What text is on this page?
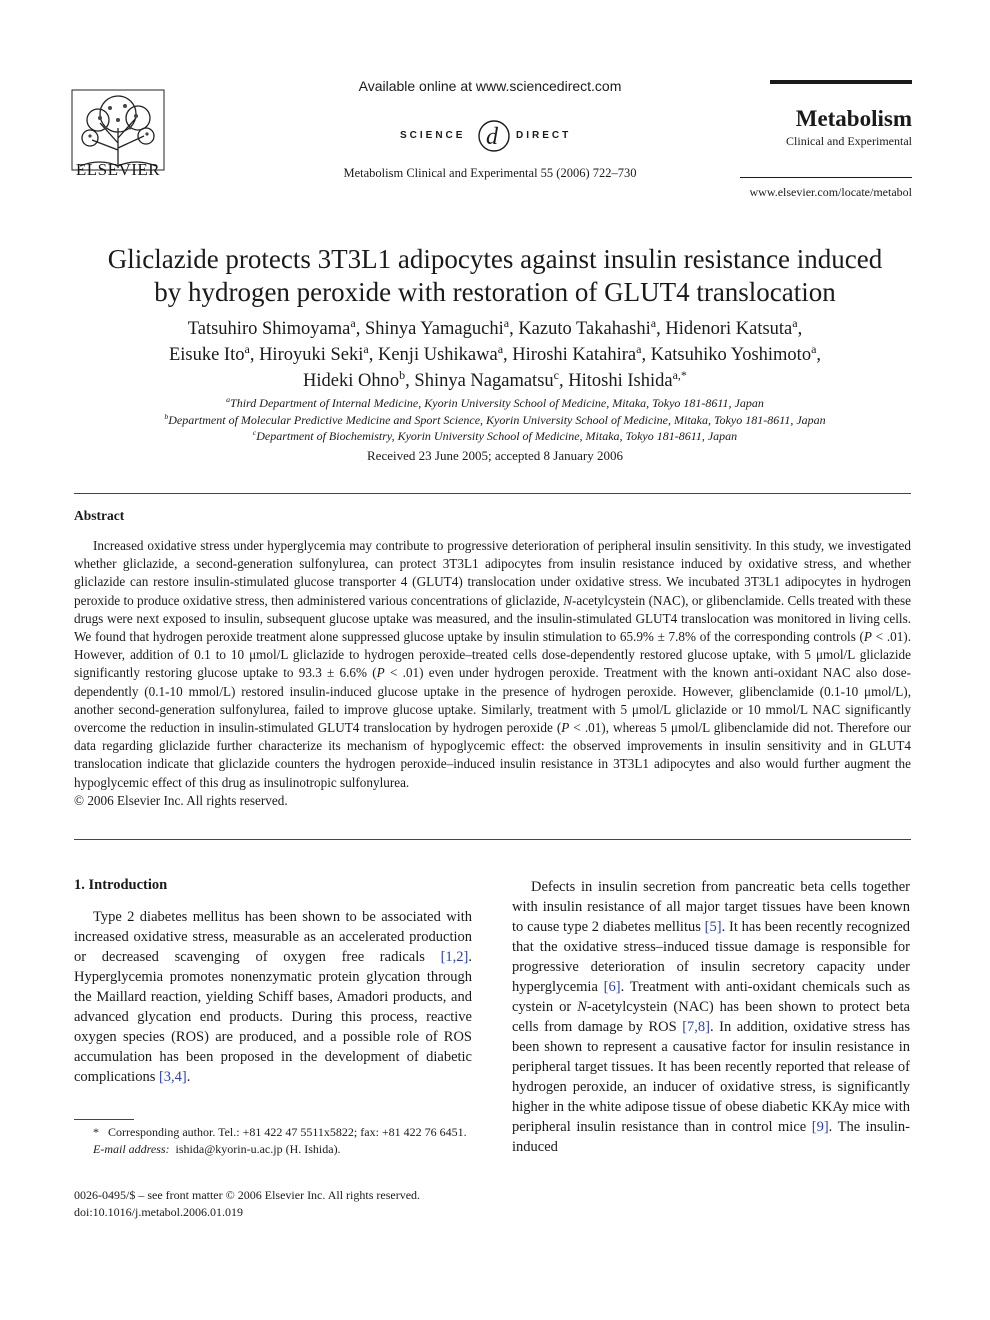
ELSEVIER
Available online at www.sciencedirect.com
SCIENCE d DIRECT
Metabolism Clinical and Experimental 55 (2006) 722–730
Metabolism
Clinical and Experimental
www.elsevier.com/locate/metabol
Gliclazide protects 3T3L1 adipocytes against insulin resistance induced
by hydrogen peroxide with restoration of GLUT4 translocation
Tatsuhiro Shimoyama$^a$, Shinya Yamaguchi$^a$, Kazuto Takahashi$^a$, Hidenori Katsuta$^a$,
Eisuke Ito$^a$, Hiroyuki Seki$^a$, Kenji Ushikawa$^a$, Hiroshi Katahira$^a$, Katsuhiko Yoshimoto$^a$,
Hideki Ohno$^b$, Shinya Nagamatsu$^c$, Hitoshi Ishida$^{a,*}$
$^a$Third Department of Internal Medicine, Kyorin University School of Medicine, Mitaka, Tokyo 181-8611, Japan
$^b$Department of Molecular Predictive Medicine and Sport Science, Kyorin University School of Medicine, Mitaka, Tokyo 181-8611, Japan
$^c$Department of Biochemistry, Kyorin University School of Medicine, Mitaka, Tokyo 181-8611, Japan
Received 23 June 2005; accepted 8 January 2006
Abstract
Increased oxidative stress under hyperglycemia may contribute to progressive deterioration of peripheral insulin sensitivity. In this study, we investigated whether gliclazide, a second-generation sulfonylurea, can protect 3T3L1 adipocytes from insulin resistance induced by oxidative stress, and whether gliclazide can restore insulin-stimulated glucose transporter 4 (GLUT4) translocation under oxidative stress. We incubated 3T3L1 adipocytes in hydrogen peroxide to produce oxidative stress, then administered various concentrations of gliclazide, N-acetylcystein (NAC), or glibenclamide. Cells treated with these drugs were next exposed to insulin, subsequent glucose uptake was measured, and the insulin-stimulated GLUT4 translocation was monitored in living cells. We found that hydrogen peroxide treatment alone suppressed glucose uptake by insulin stimulation to 65.9% ± 7.8% of the corresponding controls (P < .01). However, addition of 0.1 to 10 μmol/L gliclazide to hydrogen peroxide–treated cells dose-dependently restored glucose uptake, with 5 μmol/L gliclazide significantly restoring glucose uptake to 93.3 ± 6.6% (P < .01) even under hydrogen peroxide. Treatment with the known anti-oxidant NAC also dose-dependently (0.1-10 mmol/L) restored insulin-induced glucose uptake in the presence of hydrogen peroxide. However, glibenclamide (0.1-10 μmol/L), another second-generation sulfonylurea, failed to improve glucose uptake. Similarly, treatment with 5 μmol/L gliclazide or 10 mmol/L NAC significantly overcome the reduction in insulin-stimulated GLUT4 translocation by hydrogen peroxide (P < .01), whereas 5 μmol/L glibenclamide did not. Therefore our data regarding gliclazide further characterize its mechanism of hypoglycemic effect: the observed improvements in insulin sensitivity and in GLUT4 translocation indicate that gliclazide counters the hydrogen peroxide–induced insulin resistance in 3T3L1 adipocytes and also would further augment the hypoglycemic effect of this drug as insulinotropic sulfonylurea.
© 2006 Elsevier Inc. All rights reserved.
1. Introduction
Type 2 diabetes mellitus has been shown to be associated with increased oxidative stress, measurable as an accelerated production or decreased scavenging of oxygen free radicals [1,2]. Hyperglycemia promotes nonenzymatic protein glycation through the Maillard reaction, yielding Schiff bases, Amadori products, and advanced glycation end products. During this process, reactive oxygen species (ROS) are produced, and a possible role of ROS accumulation has been proposed in the development of diabetic complications [3,4].
Defects in insulin secretion from pancreatic beta cells together with insulin resistance of all major target tissues have been known to cause type 2 diabetes mellitus [5]. It has been recently recognized that the oxidative stress–induced tissue damage is responsible for progressive deterioration of insulin secretory capacity under hyperglycemia [6]. Treatment with anti-oxidant chemicals such as cystein or N-acetylcystein (NAC) has been shown to protect beta cells from damage by ROS [7,8]. In addition, oxidative stress has been shown to represent a causative factor for insulin resistance in peripheral target tissues. It has been recently reported that release of hydrogen peroxide, an inducer of oxidative stress, is significantly higher in the white adipose tissue of obese diabetic KKAy mice with peripheral insulin resistance than in control mice [9]. The insulin-induced
* Corresponding author. Tel.: +81 422 47 5511x5822; fax: +81 422 76 6451.
E-mail address: ishida@kyorin-u.ac.jp (H. Ishida).
0026-0495/$ – see front matter © 2006 Elsevier Inc. All rights reserved.
doi:10.1016/j.metabol.2006.01.019
